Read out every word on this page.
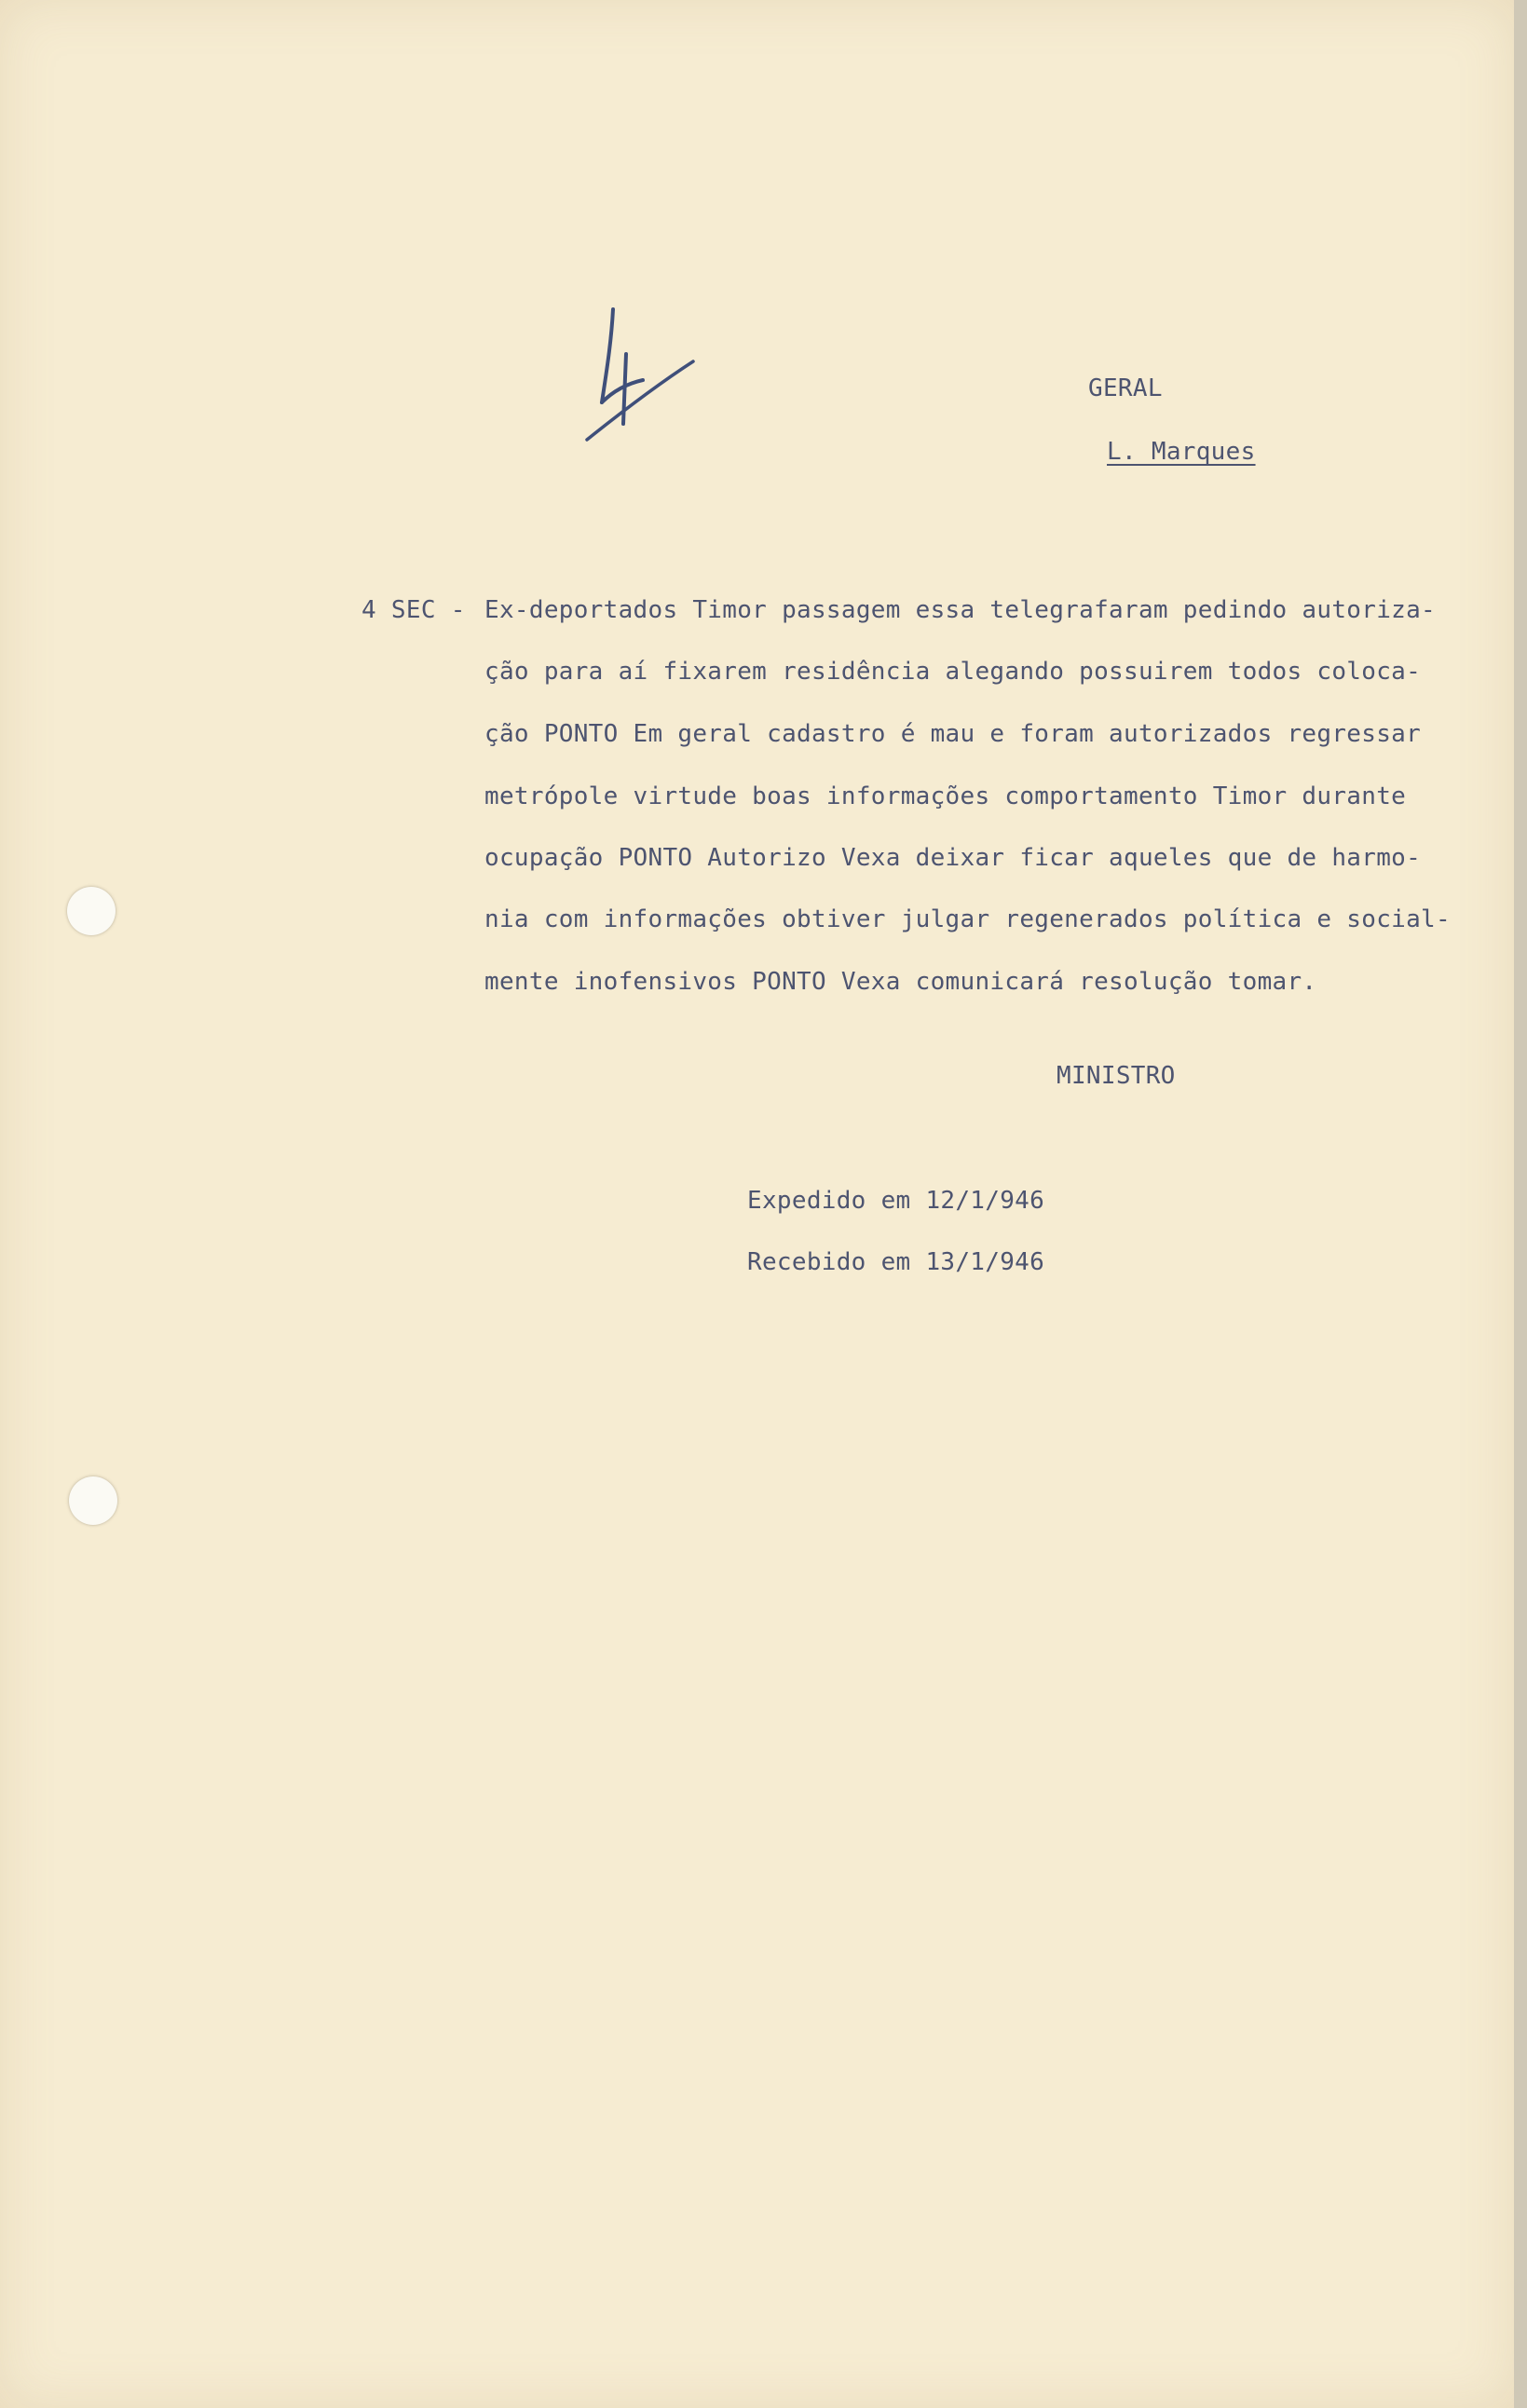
GERAL
L. Marques
4 SEC - Ex-deportados Timor passagem essa telegrafaram pedindo autoriza-
ção para aí fixarem residência alegando possuirem todos coloca-
ção PONTO Em geral cadastro é mau e foram autorizados regressar
metrópole virtude boas informações comportamento Timor durante
ocupação PONTO Autorizo Vexa deixar ficar aqueles que de harmo-
nia com informações obtiver julgar regenerados política e social-
mente inofensivos PONTO Vexa comunicará resolução tomar.
MINISTRO
Expedido em 12/1/946
Recebido em 13/1/946
